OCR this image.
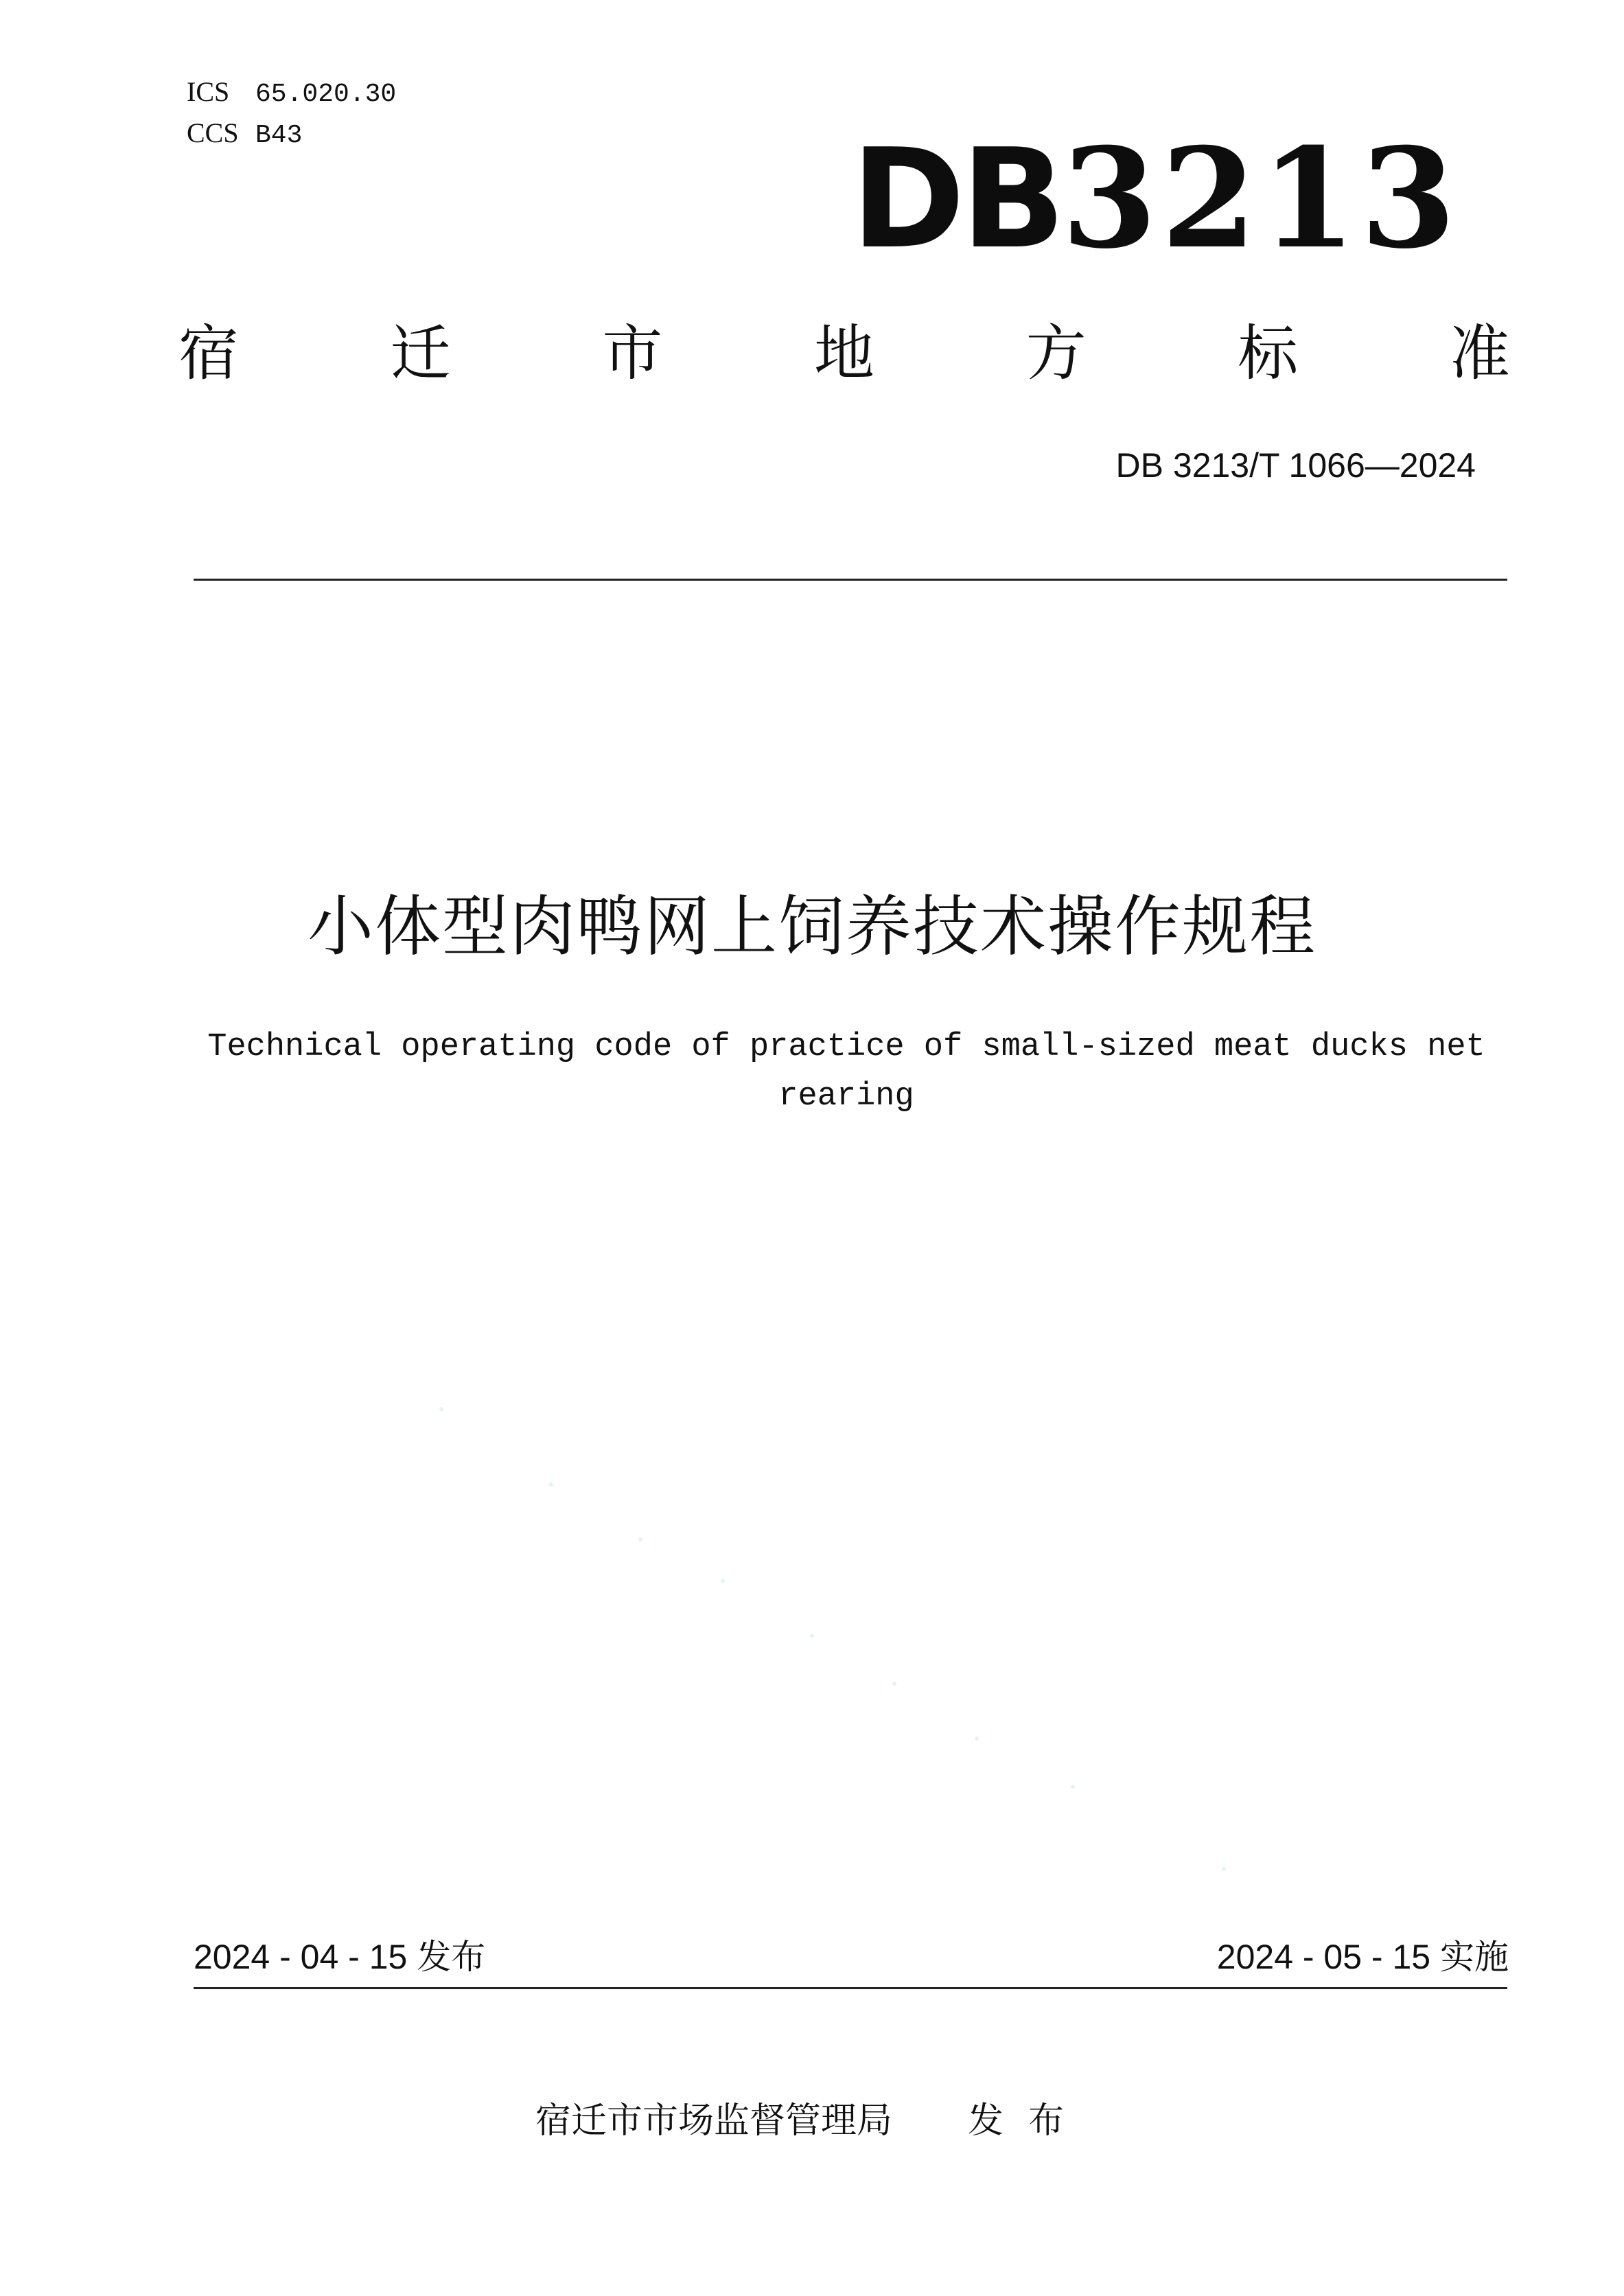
ICS 65.020.30
CCS B43	DB3213
宿	迁	市	地	方	标	准
DB 3213/T 1066—2024
小体型肉鸭网上饲养技术操作规程
Technical operating code of practice of small-sized meat ducks net rearing
2024 - 04 - 15 发布	2024 - 05 - 15 实施
宿迁市市场监督管理局 发布
